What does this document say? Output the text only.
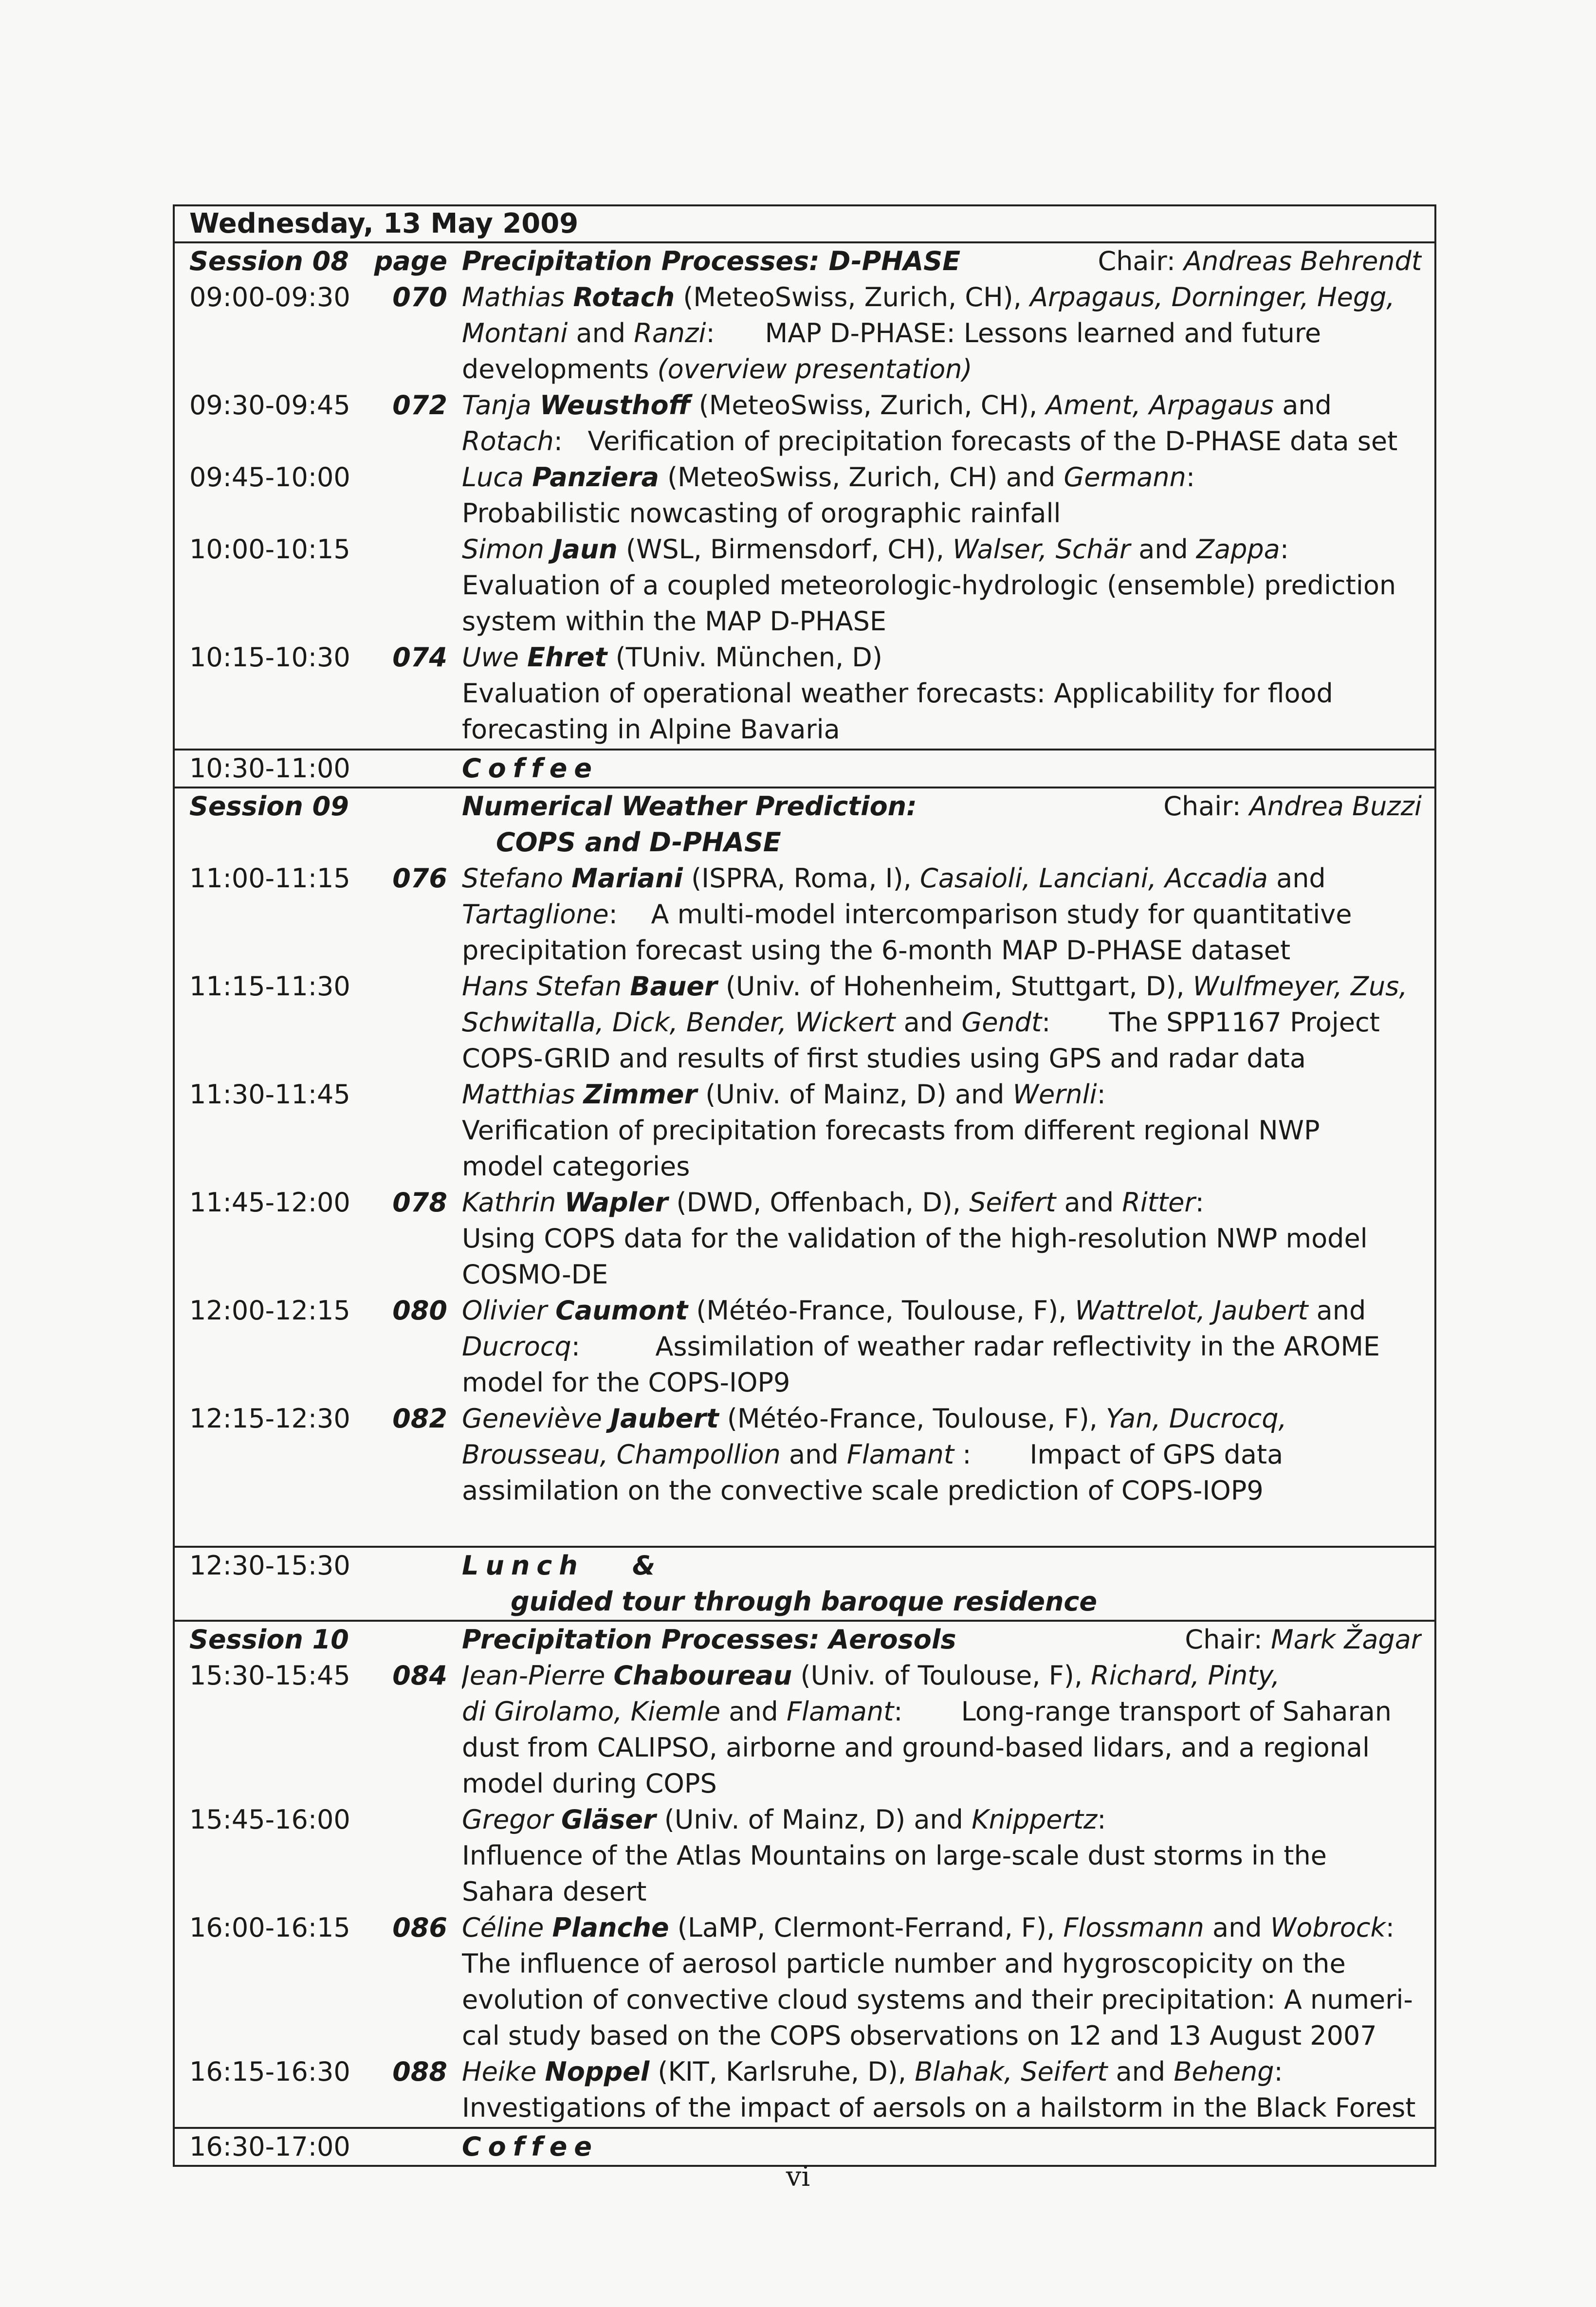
Wednesday, 13 May 2009
Session 08 page Precipitation Processes: D-PHASE	Chair: Andreas Behrendt
09:00-09:30	070 Mathias Rotach (MeteoSwiss, Zurich, CH), Arpagaus, Dorninger, Hegg,
Montani and Ranzi:      MAP D-PHASE: Lessons learned and future
developments (overview presentation)
09:30-09:45	072 Tanja Weusthoff (MeteoSwiss, Zurich, CH), Ament, Arpagaus and
Rotach:   Verification of precipitation forecasts of the D-PHASE data set
09:45-10:00	Luca Panziera (MeteoSwiss, Zurich, CH) and Germann:
Probabilistic nowcasting of orographic rainfall
10:00-10:15	Simon Jaun (WSL, Birmensdorf, CH), Walser, Schär and Zappa:
Evaluation of a coupled meteorologic-hydrologic (ensemble) prediction
system within the MAP D-PHASE
10:15-10:30	074 Uwe Ehret (TUniv. München, D)
Evaluation of operational weather forecasts: Applicability for flood
forecasting in Alpine Bavaria
10:30-11:00	Coffee
Session 09	Numerical Weather Prediction:	Chair: Andrea Buzzi
COPS and D-PHASE
11:00-11:15	076 Stefano Mariani (ISPRA, Roma, I), Casaioli, Lanciani, Accadia and
Tartaglione:    A multi-model intercomparison study for quantitative
precipitation forecast using the 6-month MAP D-PHASE dataset
11:15-11:30	Hans Stefan Bauer (Univ. of Hohenheim, Stuttgart, D), Wulfmeyer, Zus,
Schwitalla, Dick, Bender, Wickert and Gendt:       The SPP1167 Project
COPS-GRID and results of first studies using GPS and radar data
11:30-11:45	Matthias Zimmer (Univ. of Mainz, D) and Wernli:
Verification of precipitation forecasts from different regional NWP
model categories
11:45-12:00	078 Kathrin Wapler (DWD, Offenbach, D), Seifert and Ritter:
Using COPS data for the validation of the high-resolution NWP model
COSMO-DE
12:00-12:15	080 Olivier Caumont (Météo-France, Toulouse, F), Wattrelot, Jaubert and
Ducrocq:         Assimilation of weather radar reflectivity in the AROME
model for the COPS-IOP9
12:15-12:30	082 Geneviève Jaubert (Météo-France, Toulouse, F), Yan, Ducrocq,
Brousseau, Champollion and Flamant :       Impact of GPS data
assimilation on the convective scale prediction of COPS-IOP9
12:30-15:30	Lunch   &
guided tour through baroque residence
Session 10	Precipitation Processes: Aerosols	Chair: Mark Žagar
15:30-15:45	084 Jean-Pierre Chaboureau (Univ. of Toulouse, F), Richard, Pinty,
di Girolamo, Kiemle and Flamant:       Long-range transport of Saharan
dust from CALIPSO, airborne and ground-based lidars, and a regional
model during COPS
15:45-16:00	Gregor Gläser (Univ. of Mainz, D) and Knippertz:
Influence of the Atlas Mountains on large-scale dust storms in the
Sahara desert
16:00-16:15	086 Céline Planche (LaMP, Clermont-Ferrand, F), Flossmann and Wobrock:
The influence of aerosol particle number and hygroscopicity on the
evolution of convective cloud systems and their precipitation: A numeri-
cal study based on the COPS observations on 12 and 13 August 2007
16:15-16:30	088 Heike Noppel (KIT, Karlsruhe, D), Blahak, Seifert and Beheng:
Investigations of the impact of aersols on a hailstorm in the Black Forest
16:30-17:00	Coffee
vi
